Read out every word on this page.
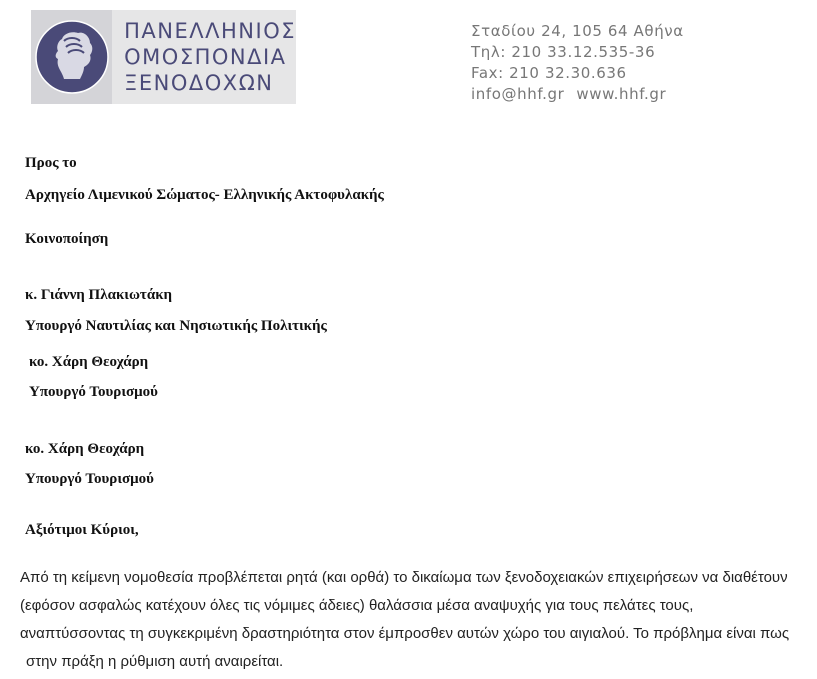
ΠΑΝΕΛΛΗΝΙΟΣ
ΟΜΟΣΠΟΝΔΙΑ
ΞΕΝΟΔΟΧΩΝ
Σταδίου 24, 105 64 Αθήνα
Τηλ: 210 33.12.535-36
Fax: 210 32.30.636
info@hhf.gr www.hhf.gr
Προς το
Αρχηγείο Λιμενικού Σώματος- Ελληνικής Ακτοφυλακής
Κοινοποίηση
κ. Γιάννη Πλακιωτάκη
Υπουργό Ναυτιλίας και Νησιωτικής Πολιτικής
κο. Χάρη Θεοχάρη
Υπουργό Τουρισμού
κο. Χάρη Θεοχάρη
Υπουργό Τουρισμού
Αξιότιμοι Κύριοι,
Από τη κείμενη νομοθεσία προβλέπεται ρητά (και ορθά) το δικαίωμα των ξενοδοχειακών επιχειρήσεων να διαθέτουν
(εφόσον ασφαλώς κατέχουν όλες τις νόμιμες άδειες) θαλάσσια μέσα αναψυχής για τους πελάτες τους,
αναπτύσσοντας τη συγκεκριμένη δραστηριότητα στον έμπροσθεν αυτών χώρο του αιγιαλού. Το πρόβλημα είναι πως
στην πράξη η ρύθμιση αυτή αναιρείται.
